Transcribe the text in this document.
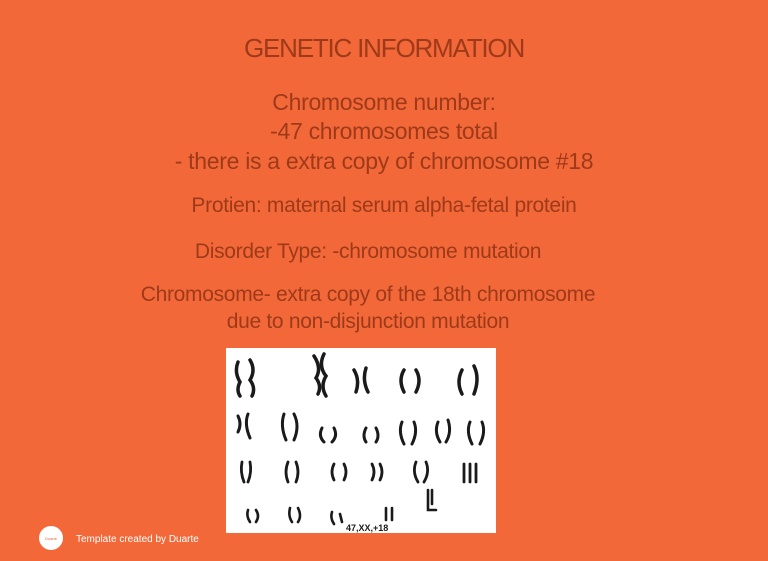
GENETIC INFORMATION
Chromosome number:
-47 chromosomes total
- there is a extra copy of chromosome #18
Protien: maternal serum alpha-fetal protein
Disorder Type: -chromosome mutation
Chromosome- extra copy of the 18th chromosome
due to non-disjunction mutation
47,XX,+18
Duarte Template created by Duarte
